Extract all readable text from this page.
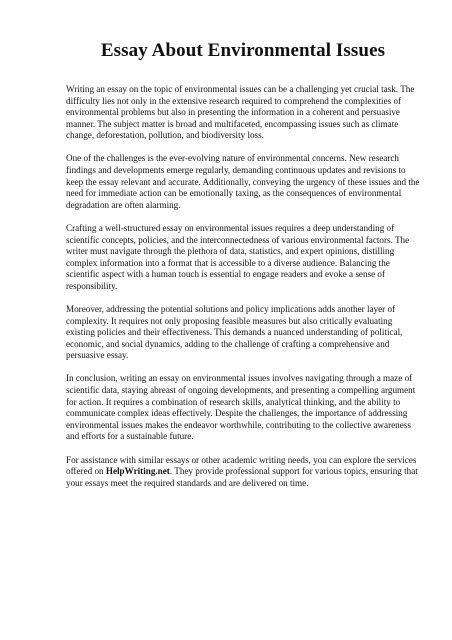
Essay About Environmental Issues

Writing an essay on the topic of environmental issues can be a challenging yet crucial task. The difficulty lies not only in the extensive research required to comprehend the complexities of environmental problems but also in presenting the information in a coherent and persuasive manner. The subject matter is broad and multifaceted, encompassing issues such as climate change, deforestation, pollution, and biodiversity loss.

One of the challenges is the ever-evolving nature of environmental concerns. New research findings and developments emerge regularly, demanding continuous updates and revisions to keep the essay relevant and accurate. Additionally, conveying the urgency of these issues and the need for immediate action can be emotionally taxing, as the consequences of environmental degradation are often alarming.

Crafting a well-structured essay on environmental issues requires a deep understanding of scientific concepts, policies, and the interconnectedness of various environmental factors. The writer must navigate through the plethora of data, statistics, and expert opinions, distilling complex information into a format that is accessible to a diverse audience. Balancing the scientific aspect with a human touch is essential to engage readers and evoke a sense of responsibility.

Moreover, addressing the potential solutions and policy implications adds another layer of complexity. It requires not only proposing feasible measures but also critically evaluating existing policies and their effectiveness. This demands a nuanced understanding of political, economic, and social dynamics, adding to the challenge of crafting a comprehensive and persuasive essay.

In conclusion, writing an essay on environmental issues involves navigating through a maze of scientific data, staying abreast of ongoing developments, and presenting a compelling argument for action. It requires a combination of research skills, analytical thinking, and the ability to communicate complex ideas effectively. Despite the challenges, the importance of addressing environmental issues makes the endeavor worthwhile, contributing to the collective awareness and efforts for a sustainable future.

For assistance with similar essays or other academic writing needs, you can explore the services offered on HelpWriting.net. They provide professional support for various topics, ensuring that your essays meet the required standards and are delivered on time.
